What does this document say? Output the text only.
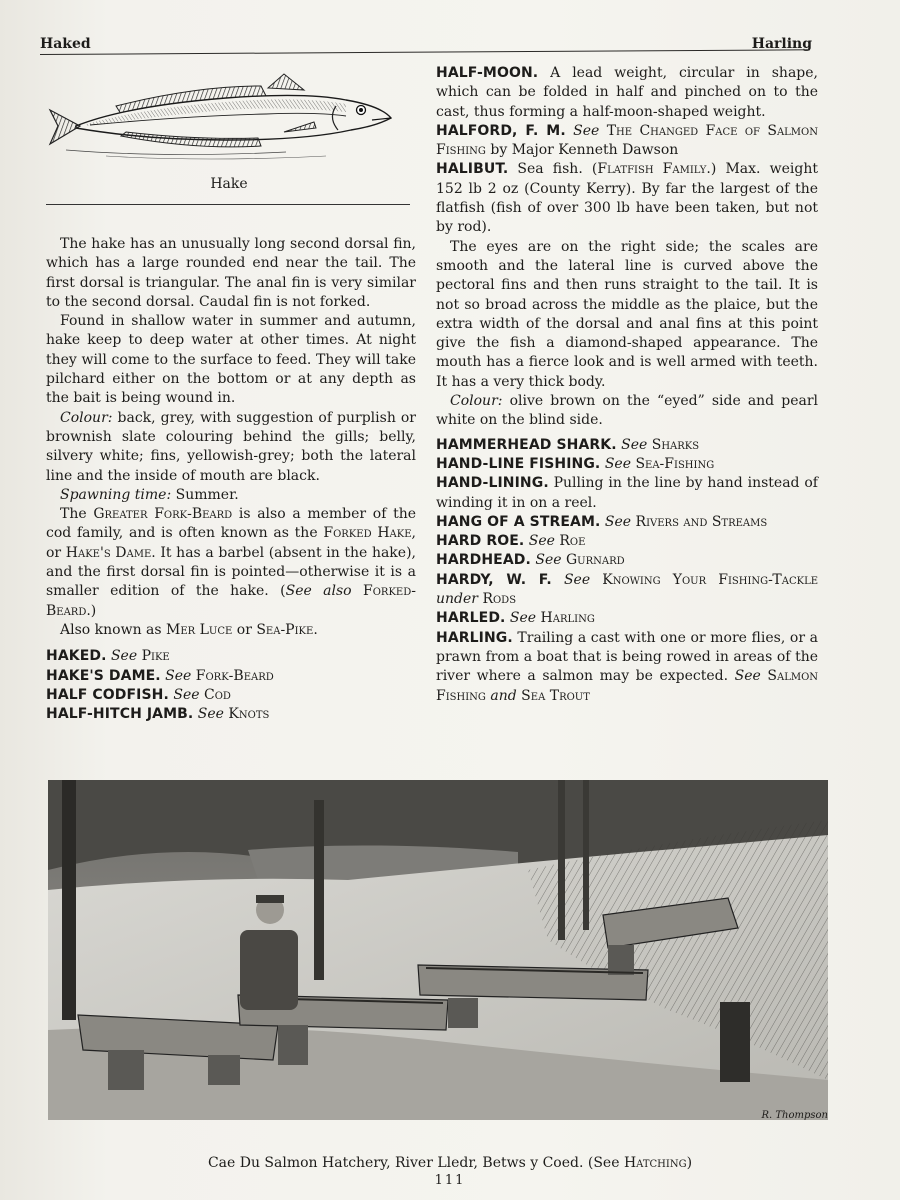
Haked	Harling
Hake

The hake has an unusually long second dorsal fin, which has a large rounded end near the tail. The first dorsal is triangular. The anal fin is very similar to the second dorsal. Caudal fin is not forked.

Found in shallow water in summer and autumn, hake keep to deep water at other times. At night they will come to the surface to feed. They will take pilchard either on the bottom or at any depth as the bait is being wound in.

Colour: back, grey, with suggestion of purplish or brownish slate colouring behind the gills; belly, silvery white; fins, yellowish-grey; both the lateral line and the inside of mouth are black.

Spawning time: Summer.

The Greater Fork-Beard is also a member of the cod family, and is often known as the Forked Hake, or Hake's Dame. It has a barbel (absent in the hake), and the first dorsal fin is pointed—otherwise it is a smaller edition of the hake. (See also Forked-Beard.)

Also known as Mer Luce or Sea-Pike.

HAKED. See Pike

HAKE'S DAME. See Fork-Beard

HALF CODFISH. See Cod

HALF-HITCH JAMB. See Knots

HALF-MOON. A lead weight, circular in shape, which can be folded in half and pinched on to the cast, thus forming a half-moon-shaped weight.

HALFORD, F. M. See The Changed Face of Salmon Fishing by Major Kenneth Dawson

HALIBUT. Sea fish. (Flatfish Family.) Max. weight 152 lb 2 oz (County Kerry). By far the largest of the flatfish (fish of over 300 lb have been taken, but not by rod).

The eyes are on the right side; the scales are smooth and the lateral line is curved above the pectoral fins and then runs straight to the tail. It is not so broad across the middle as the plaice, but the extra width of the dorsal and anal fins at this point give the fish a diamond-shaped appearance. The mouth has a fierce look and is well armed with teeth. It has a very thick body.

Colour: olive brown on the “eyed” side and pearl white on the blind side.

HAMMERHEAD SHARK. See Sharks

HAND-LINE FISHING. See Sea-Fishing

HAND-LINING. Pulling in the line by hand instead of winding it in on a reel.

HANG OF A STREAM. See Rivers and Streams

HARD ROE. See Roe

HARDHEAD. See Gurnard

HARDY, W. F. See Knowing Your Fishing-Tackle under Rods

HARLED. See Harling

HARLING. Trailing a cast with one or more flies, or a prawn from a boat that is being rowed in areas of the river where a salmon may be expected. See Salmon Fishing and Sea Trout

R. Thompson
Cae Du Salmon Hatchery, River Lledr, Betws y Coed. (See Hatching)
111
